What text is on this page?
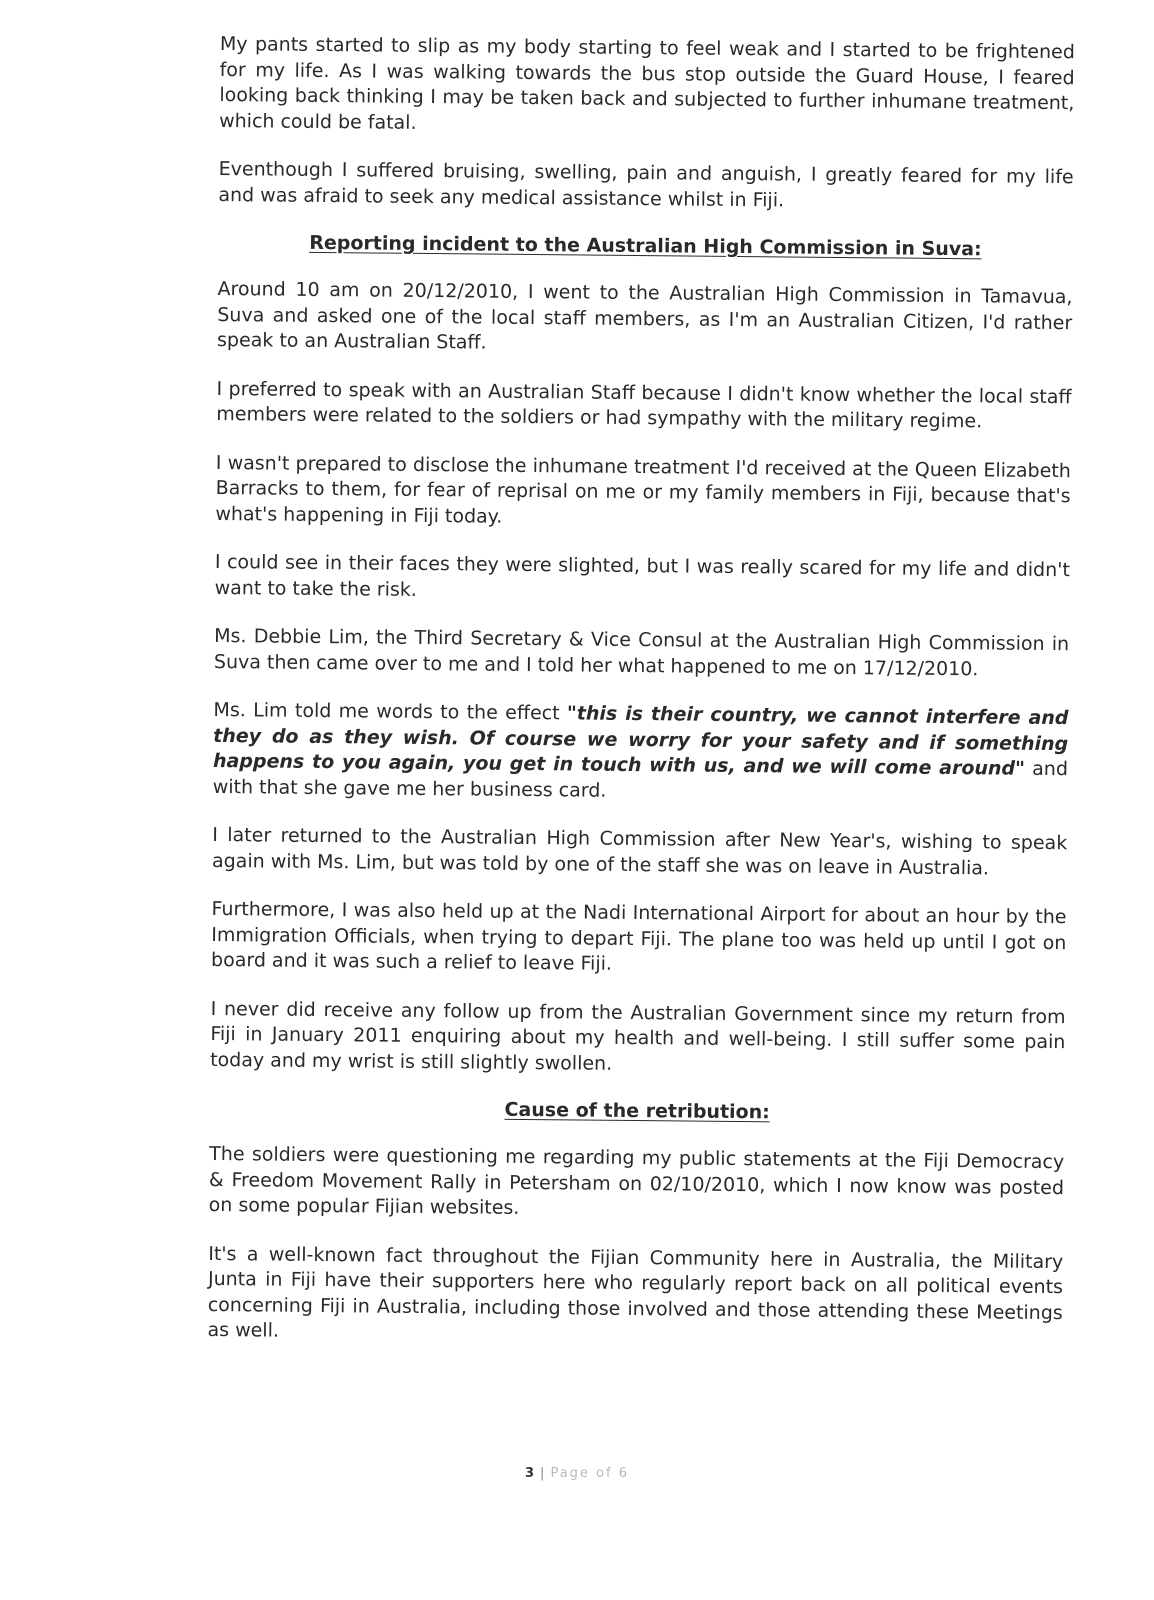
My pants started to slip as my body starting to feel weak and I started to be frightened for my life. As I was walking towards the bus stop outside the Guard House, I feared looking back thinking I may be taken back and subjected to further inhumane treatment, which could be fatal.

Eventhough I suffered bruising, swelling, pain and anguish, I greatly feared for my life and was afraid to seek any medical assistance whilst in Fiji.

Reporting incident to the Australian High Commission in Suva:

Around 10 am on 20/12/2010, I went to the Australian High Commission in Tamavua, Suva and asked one of the local staff members, as I'm an Australian Citizen, I'd rather speak to an Australian Staff.

I preferred to speak with an Australian Staff because I didn't know whether the local staff members were related to the soldiers or had sympathy with the military regime.

I wasn't prepared to disclose the inhumane treatment I'd received at the Queen Elizabeth Barracks to them, for fear of reprisal on me or my family members in Fiji, because that's what's happening in Fiji today.

I could see in their faces they were slighted, but I was really scared for my life and didn't want to take the risk.

Ms. Debbie Lim, the Third Secretary & Vice Consul at the Australian High Commission in Suva then came over to me and I told her what happened to me on 17/12/2010.

Ms. Lim told me words to the effect "this is their country, we cannot interfere and they do as they wish. Of course we worry for your safety and if something happens to you again, you get in touch with us, and we will come around" and with that she gave me her business card.

I later returned to the Australian High Commission after New Year's, wishing to speak again with Ms. Lim, but was told by one of the staff she was on leave in Australia.

Furthermore, I was also held up at the Nadi International Airport for about an hour by the Immigration Officials, when trying to depart Fiji. The plane too was held up until I got on board and it was such a relief to leave Fiji.

I never did receive any follow up from the Australian Government since my return from Fiji in January 2011 enquiring about my health and well-being. I still suffer some pain today and my wrist is still slightly swollen.

Cause of the retribution:

The soldiers were questioning me regarding my public statements at the Fiji Democracy & Freedom Movement Rally in Petersham on 02/10/2010, which I now know was posted on some popular Fijian websites.

It's a well-known fact throughout the Fijian Community here in Australia, the Military Junta in Fiji have their supporters here who regularly report back on all political events concerning Fiji in Australia, including those involved and those attending these Meetings as well.

3 | Page of 6
